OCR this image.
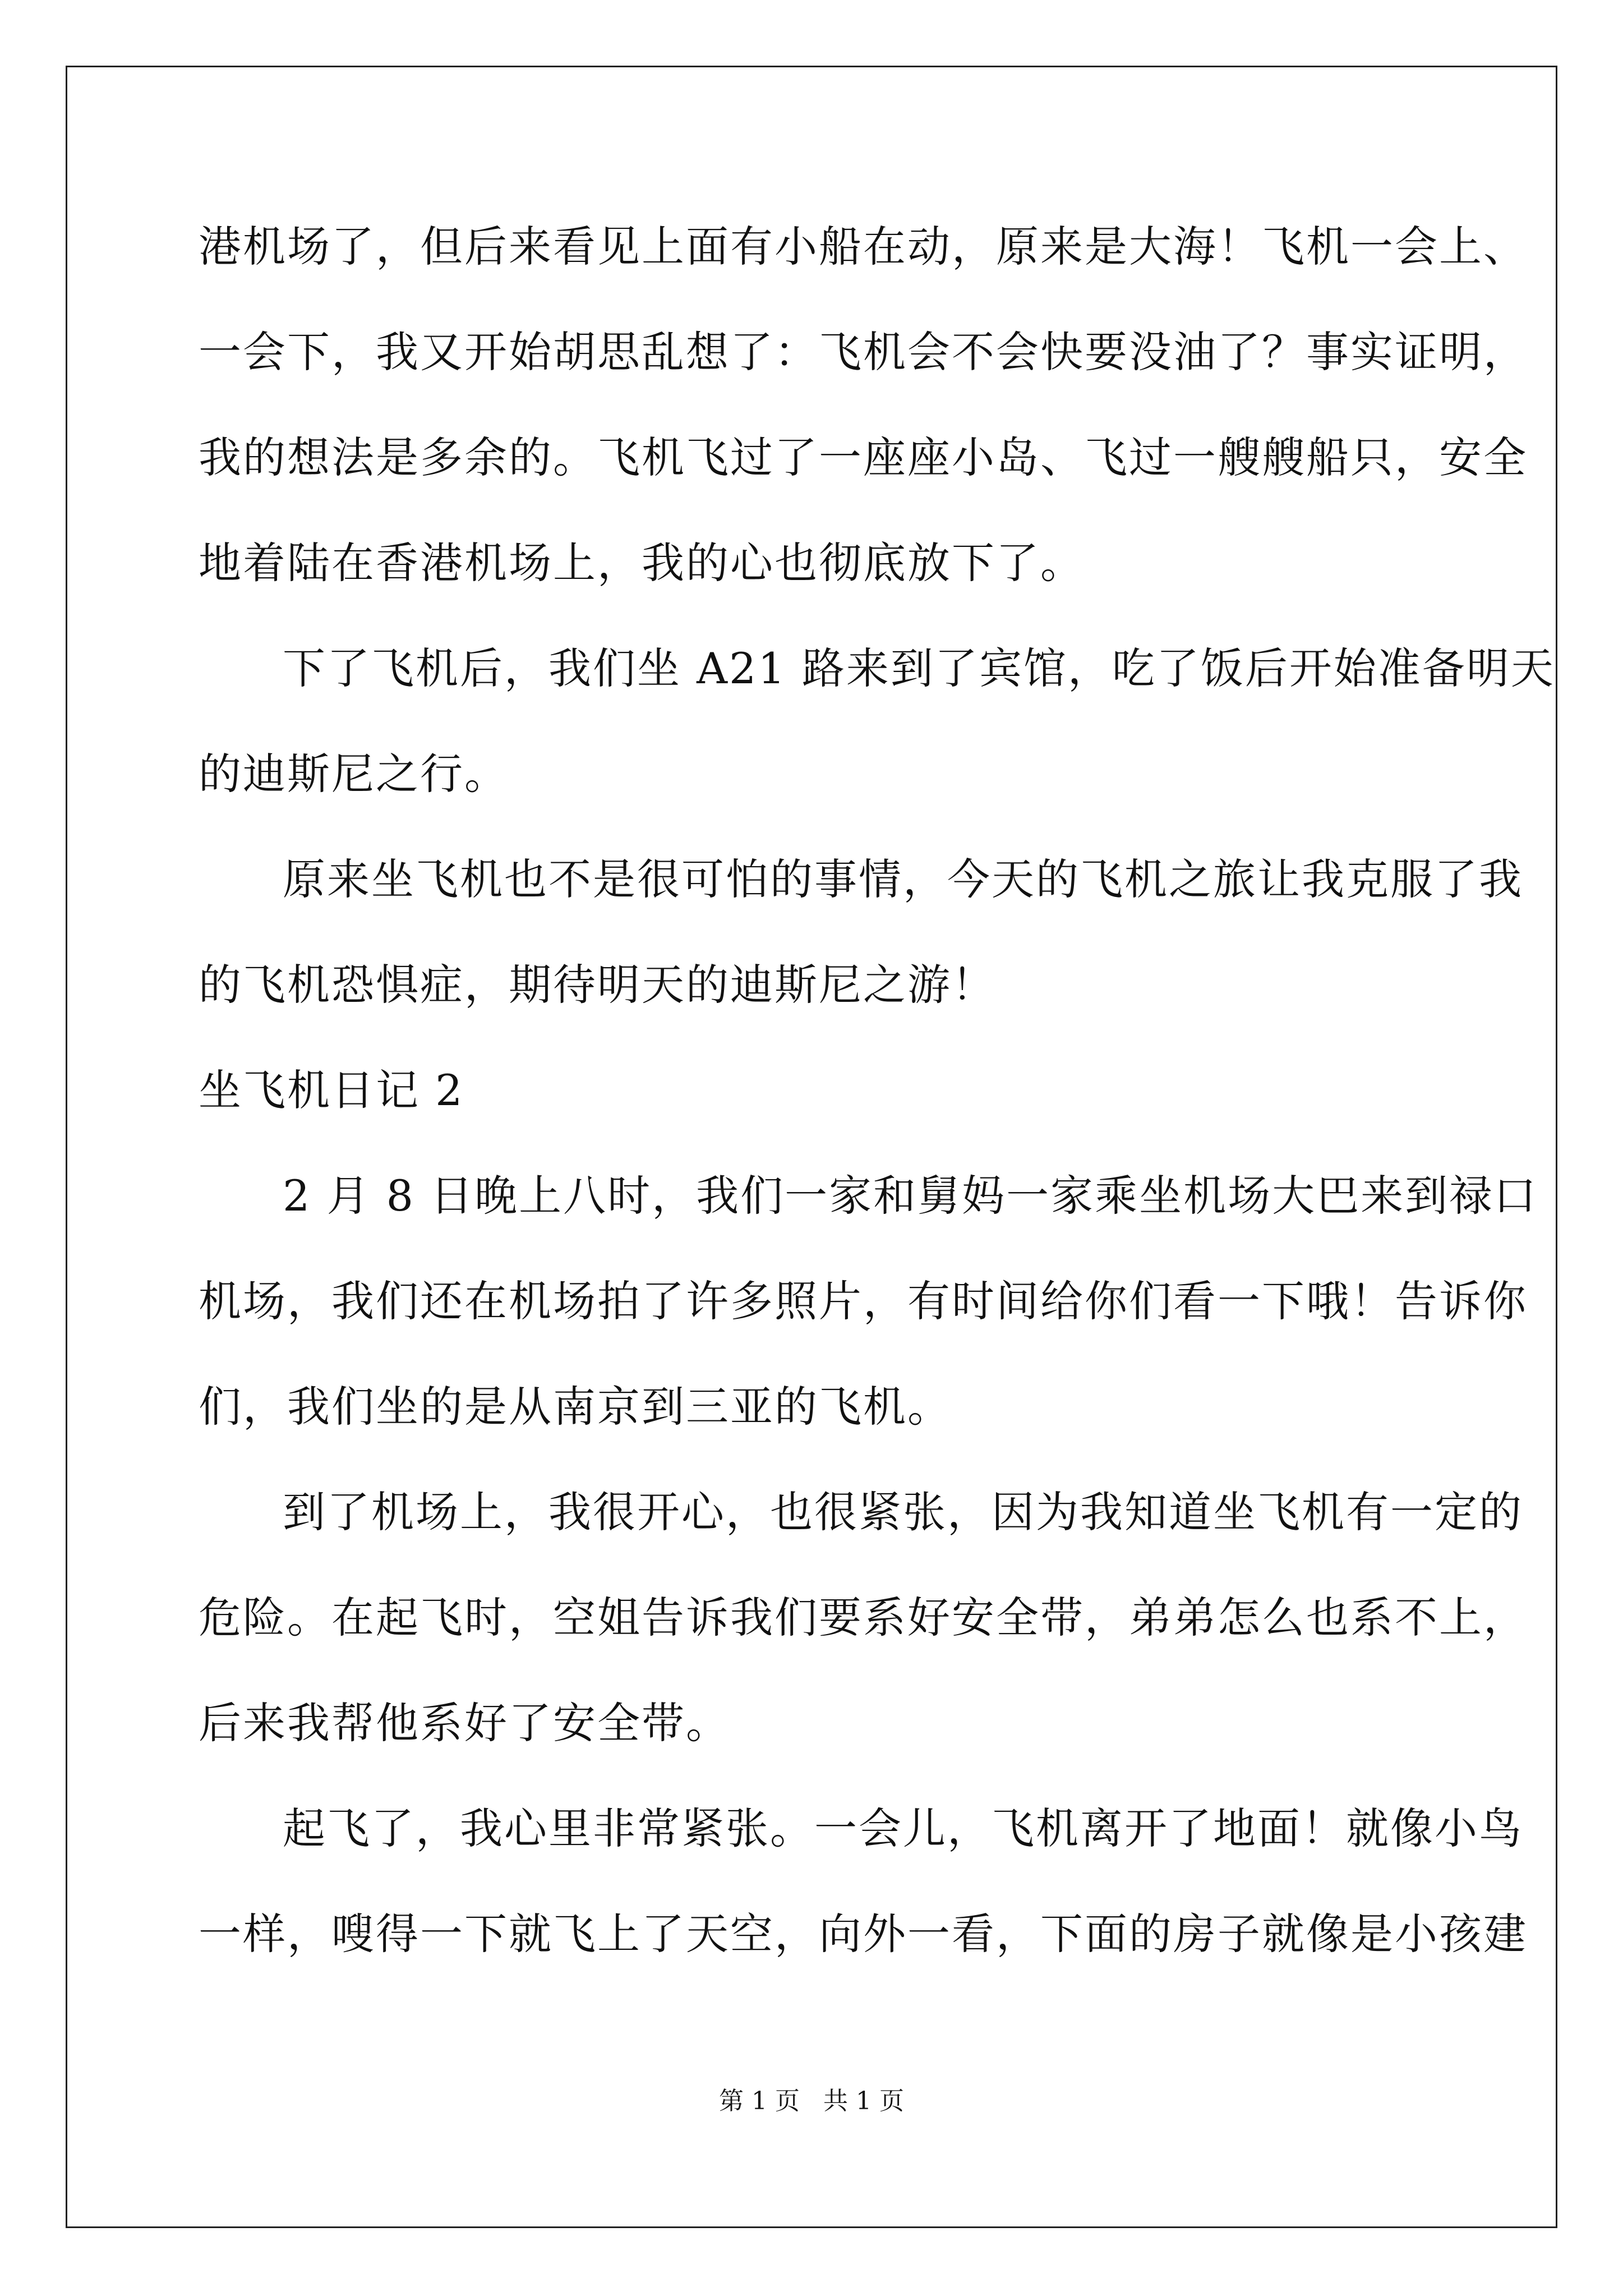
港机场了，但后来看见上面有小船在动，原来是大海！飞机一会上、
一会下，我又开始胡思乱想了：飞机会不会快要没油了？事实证明，
我的想法是多余的。飞机飞过了一座座小岛、飞过一艘艘船只，安全
地着陆在香港机场上，我的心也彻底放下了。
下了飞机后，我们坐 A21 路来到了宾馆，吃了饭后开始准备明天
的迪斯尼之行。
原来坐飞机也不是很可怕的事情，今天的飞机之旅让我克服了我
的飞机恐惧症，期待明天的迪斯尼之游！
坐飞机日记 2
2 月 8 日晚上八时，我们一家和舅妈一家乘坐机场大巴来到禄口
机场，我们还在机场拍了许多照片，有时间给你们看一下哦！告诉你
们，我们坐的是从南京到三亚的飞机。
到了机场上，我很开心，也很紧张，因为我知道坐飞机有一定的
危险。在起飞时，空姐告诉我们要系好安全带，弟弟怎么也系不上，
后来我帮他系好了安全带。
起飞了，我心里非常紧张。一会儿，飞机离开了地面！就像小鸟
一样，嗖得一下就飞上了天空，向外一看，下面的房子就像是小孩建
第 1 页   共 1 页
